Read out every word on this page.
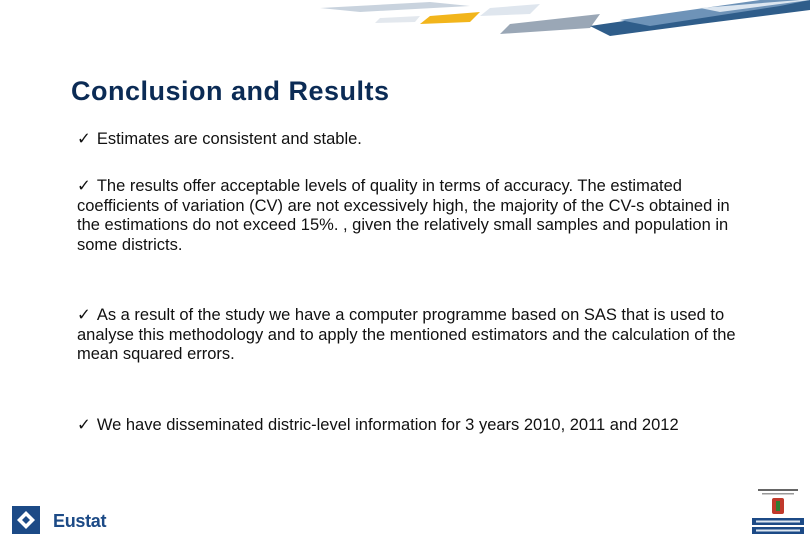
Conclusion and Results
✓ Estimates are consistent and stable.
✓ The results offer acceptable levels of quality in terms of accuracy. The estimated coefficients of variation (CV) are not excessively high, the majority of the CV-s obtained in the estimations do not exceed 15%. , given the relatively small samples and population in some districts.
✓ As a result of the study we have a computer programme based on SAS that is used to analyse this methodology and to apply the mentioned estimators and the calculation of the mean squared errors.
✓ We have disseminated distric-level information for 3 years 2010, 2011 and 2012
Eustat
